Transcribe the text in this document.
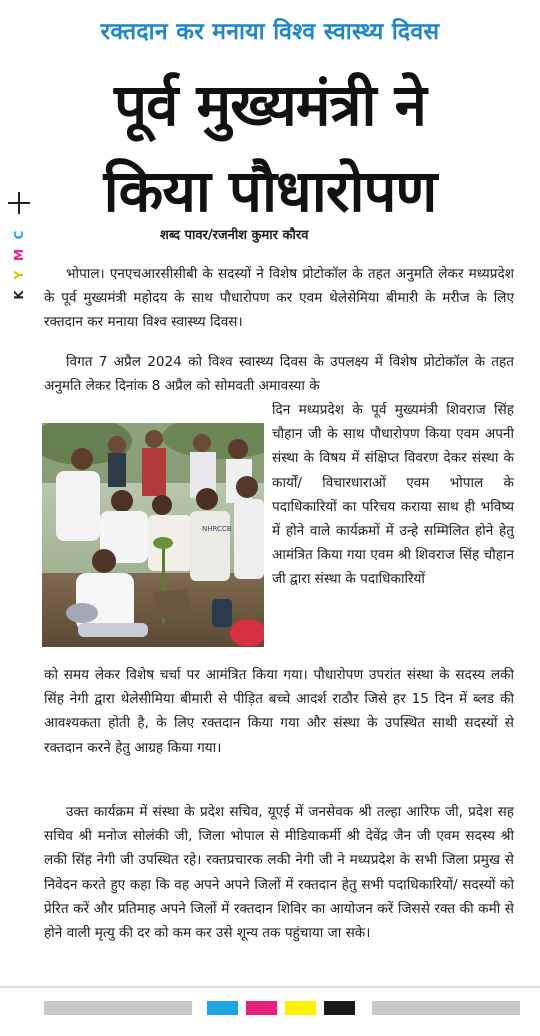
C
M
Y
K
रक्तदान कर मनाया विश्व स्वास्थ्य दिवस
पूर्व मुख्यमंत्री ने
किया पौधारोपण
शब्द पावर/रजनीश कुमार कौरव

भोपाल। एनएचआरसीसीबी के सदस्यों ने विशेष प्रोटोकॉल के तहत अनुमति लेकर मध्यप्रदेश के पूर्व मुख्यमंत्री महोदय के साथ पौधारोपण कर एवम थेलेसेमिया बीमारी के मरीज के लिए रक्तदान कर मनाया विश्व स्वास्थ्य दिवस।

विगत 7 अप्रैल 2024 को विश्व स्वास्थ्य दिवस के उपलक्ष्य में विशेष प्रोटोकॉल के तहत अनुमति लेकर दिनांक 8 अप्रैल को सोमवती अमावस्या के

दिन मध्यप्रदेश के पूर्व मुख्यमंत्री शिवराज सिंह चौहान जी के साथ पौधारोपण किया एवम अपनी संस्था के विषय में संक्षिप्त विवरण देकर संस्था के कार्यों/ विचारधाराओं एवम भोपाल के पदाधिकारियों का परिचय कराया साथ ही भविष्य में होने वाले कार्यक्रमों में उन्हे सम्मिलित होने हेतु आमंत्रित किया गया एवम श्री शिवराज सिंह चौहान जी द्वारा संस्था के पदाधिकारियों

को समय लेकर विशेष चर्चा पर आमंत्रित किया गया। पौधारोपण उपरांत संस्था के सदस्य लकी सिंह नेगी द्वारा थेलेसीमिया बीमारी से पीड़ित बच्चे आदर्श राठौर जिसे हर 15 दिन में ब्लड की आवश्यकता होती है, के लिए रक्तदान किया गया और संस्था के उपस्थित साथी सदस्यों से रक्तदान करने हेतु आग्रह किया गया।

उक्त कार्यक्रम में संस्था के प्रदेश सचिव, यूएई में जनसेवक श्री तल्हा आरिफ जी, प्रदेश सह सचिव श्री मनोज सोलंकी जी, जिला भोपाल से मीडियाकर्मी श्री देवेंद्र जैन जी एवम सदस्य श्री लकी सिंह नेगी जी उपस्थित रहे। रक्तप्रचारक लकी नेगी जी ने मध्यप्रदेश के सभी जिला प्रमुख से निवेदन करते हुए कहा कि वह अपने अपने जिलों में रक्तदान हेतु सभी पदाधिकारियों/ सदस्यों को प्रेरित करें और प्रतिमाह अपने जिलों में रक्तदान शिविर का आयोजन करें जिससे रक्त की कमी से होने वाली मृत्यु की दर को कम कर उसे शून्य तक पहुंचाया जा सके।

NHRCCB
